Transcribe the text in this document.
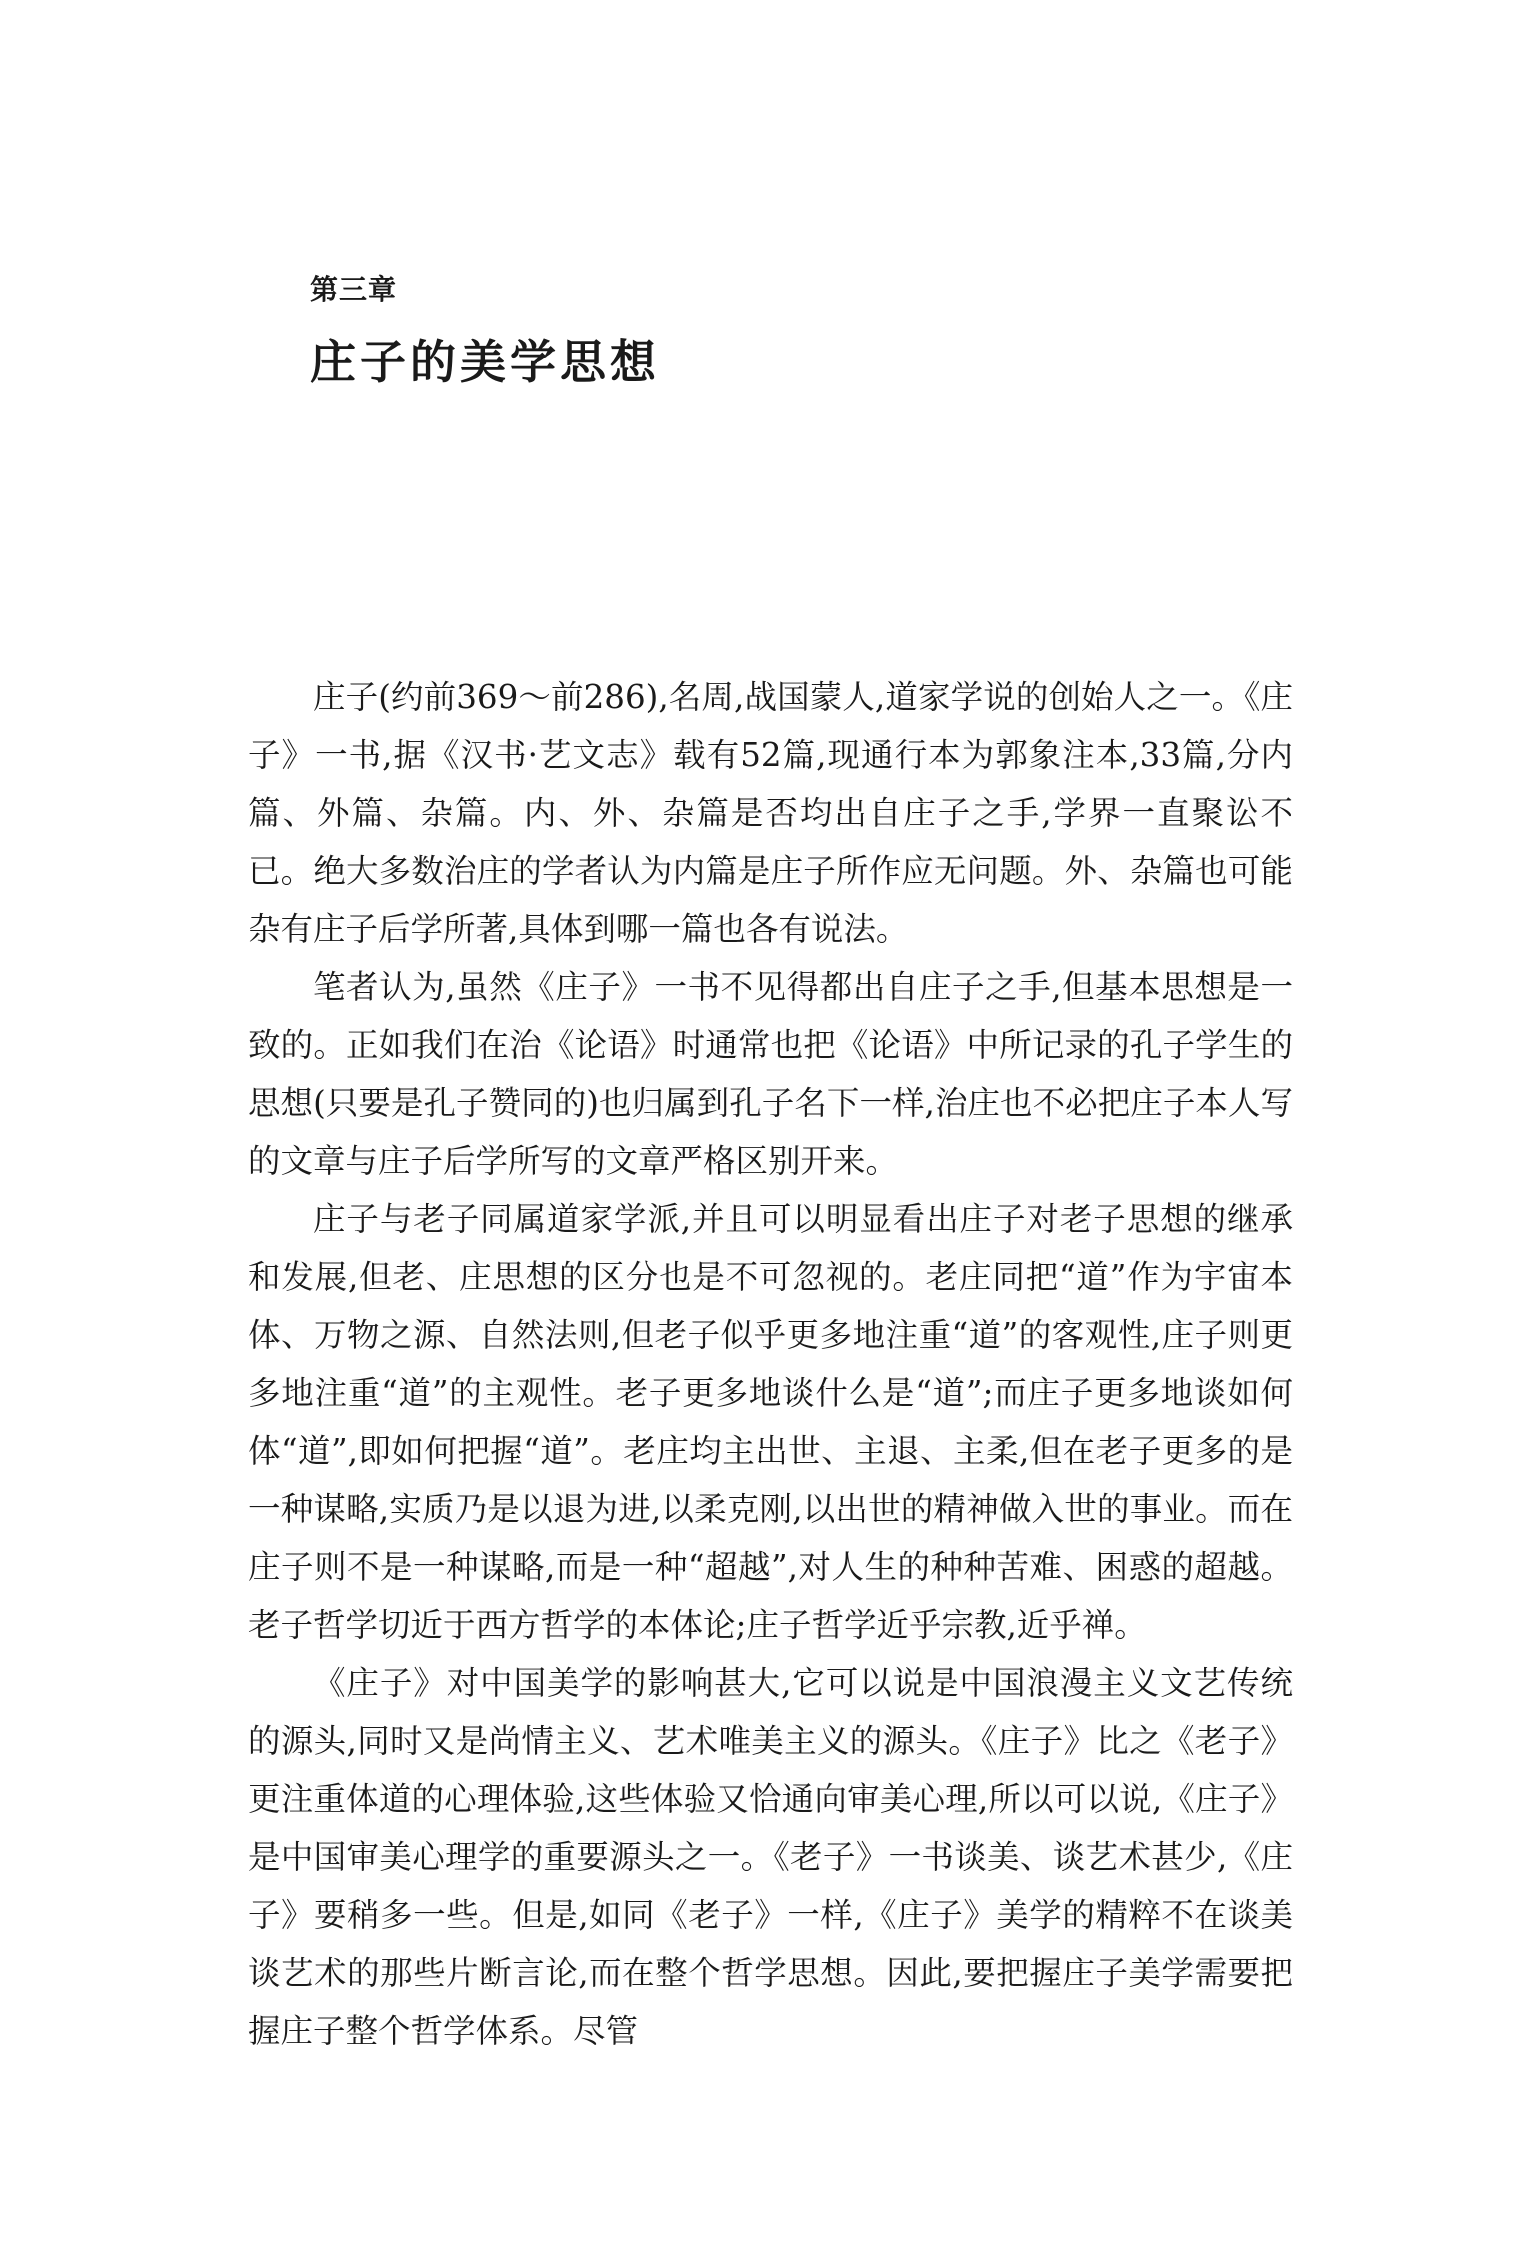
第三章
庄子的美学思想

庄子(约前369～前286),名周,战国蒙人,道家学说的创始人之一。《庄子》一书,据《汉书·艺文志》载有52篇,现通行本为郭象注本,33篇,分内篇、外篇、杂篇。内、外、杂篇是否均出自庄子之手,学界一直聚讼不已。绝大多数治庄的学者认为内篇是庄子所作应无问题。外、杂篇也可能杂有庄子后学所著,具体到哪一篇也各有说法。

笔者认为,虽然《庄子》一书不见得都出自庄子之手,但基本思想是一致的。正如我们在治《论语》时通常也把《论语》中所记录的孔子学生的思想(只要是孔子赞同的)也归属到孔子名下一样,治庄也不必把庄子本人写的文章与庄子后学所写的文章严格区别开来。

庄子与老子同属道家学派,并且可以明显看出庄子对老子思想的继承和发展,但老、庄思想的区分也是不可忽视的。老庄同把“道”作为宇宙本体、万物之源、自然法则,但老子似乎更多地注重“道”的客观性,庄子则更多地注重“道”的主观性。老子更多地谈什么是“道”;而庄子更多地谈如何体“道”,即如何把握“道”。老庄均主出世、主退、主柔,但在老子更多的是一种谋略,实质乃是以退为进,以柔克刚,以出世的精神做入世的事业。而在庄子则不是一种谋略,而是一种“超越”,对人生的种种苦难、困惑的超越。老子哲学切近于西方哲学的本体论;庄子哲学近乎宗教,近乎禅。

《庄子》对中国美学的影响甚大,它可以说是中国浪漫主义文艺传统的源头,同时又是尚情主义、艺术唯美主义的源头。《庄子》比之《老子》更注重体道的心理体验,这些体验又恰通向审美心理,所以可以说,《庄子》是中国审美心理学的重要源头之一。《老子》一书谈美、谈艺术甚少,《庄子》要稍多一些。但是,如同《老子》一样,《庄子》美学的精粹不在谈美谈艺术的那些片断言论,而在整个哲学思想。因此,要把握庄子美学需要把握庄子整个哲学体系。尽管
